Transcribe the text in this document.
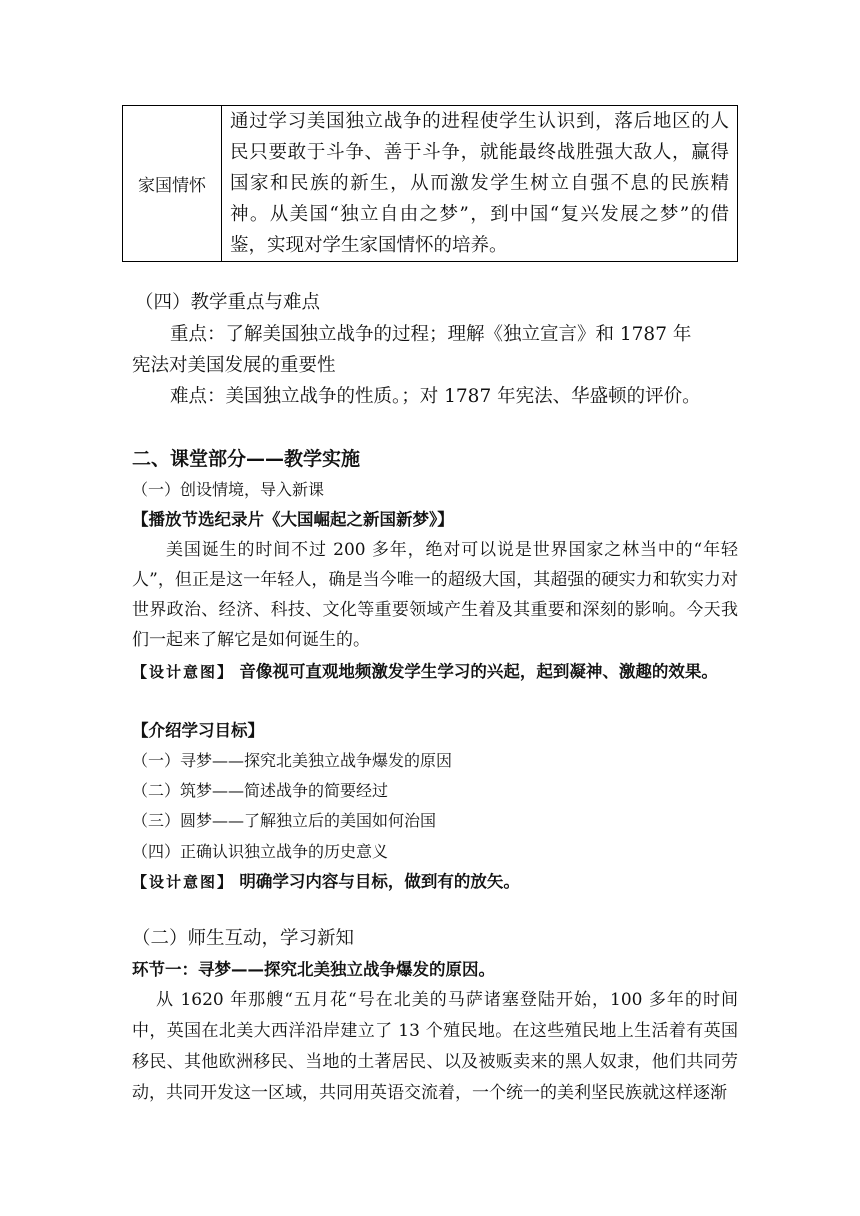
家国情怀	通过学习美国独立战争的进程使学生认识到，落后地区的人民只要敢于斗争、善于斗争，就能最终战胜强大敌人，赢得国家和民族的新生，从而激发学生树立自强不息的民族精神。从美国“独立自由之梦”，到中国“复兴发展之梦”的借鉴，实现对学生家国情怀的培养。
（四）教学重点与难点
重点：了解美国独立战争的过程；理解《独立宣言》和 1787 年
宪法对美国发展的重要性
难点：美国独立战争的性质。；对 1787 年宪法、华盛顿的评价。
二、课堂部分——教学实施
（一）创设情境，导入新课
【播放节选纪录片《大国崛起之新国新梦》】
美国诞生的时间不过 200 多年，绝对可以说是世界国家之林当中的“年轻人”，但正是这一年轻人，确是当今唯一的超级大国，其超强的硬实力和软实力对世界政治、经济、科技、文化等重要领域产生着及其重要和深刻的影响。今天我们一起来了解它是如何诞生的。
【设计意图】 音像视可直观地频激发学生学习的兴起，起到凝神、激趣的效果。
【介绍学习目标】
（一）寻梦——探究北美独立战争爆发的原因
（二）筑梦——简述战争的简要经过
（三）圆梦——了解独立后的美国如何治国
（四）正确认识独立战争的历史意义
【设计意图】 明确学习内容与目标，做到有的放矢。
（二）师生互动，学习新知
环节一：寻梦——探究北美独立战争爆发的原因。
从 1620 年那艘“五月花“号在北美的马萨诸塞登陆开始，100 多年的时间中，英国在北美大西洋沿岸建立了 13 个殖民地。在这些殖民地上生活着有英国移民、其他欧洲移民、当地的土著居民、以及被贩卖来的黑人奴隶，他们共同劳动，共同开发这一区域，共同用英语交流着，一个统一的美利坚民族就这样逐渐
